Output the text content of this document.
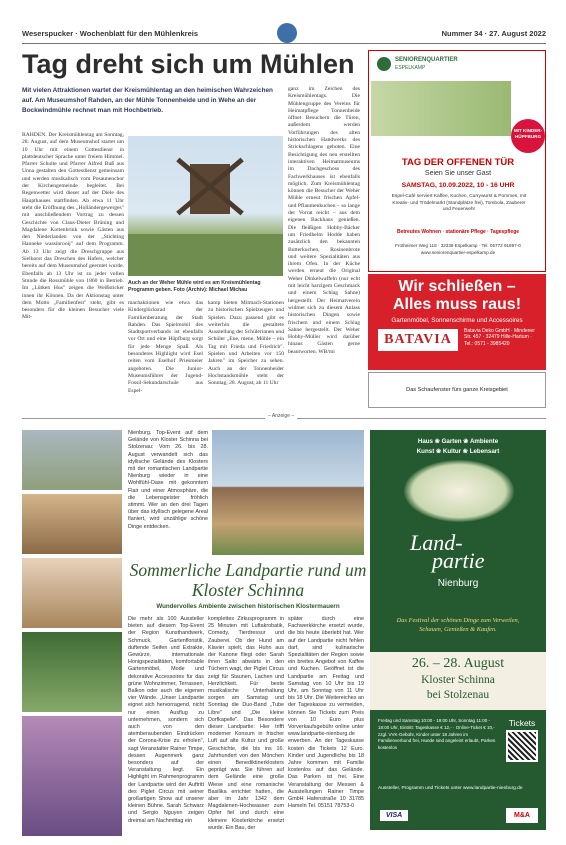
Weserspucker · Wochenblatt für den Mühlenkreis	Nummer 34 · 27. August 2022
Tag dreht sich um Mühlen
Mit vielen Attraktionen wartet der Kreismühlentag an den heimischen Wahrzeichen auf. Am Museumshof Rahden, an der Mühle Tonnenheide und in Wehe an der Bockwindmühle rechnet man mit Hochbetrieb.
RAHDEN. Der Kreismühlentag am Sonntag, 28. August, auf dem Museumshof startet um 10 Uhr mit einem Gottesdienst in plattdeutscher Sprache unter freiem Himmel. Pfarrer Schulte und Pfarrer Alfred Buß aus Unna gestalten den Gottesdienst gemeinsam und werden musikalisch vom Posaunenchor der Kirchengemeinde begleitet. Bei Regenwetter wird dieser auf der Diele des Haupthauses stattfinden. Ab etwa 11 Uhr steht die Eröffnung des „Holländergewerges" mit anschließendem Vortrag zu dessen Geschichte von Claus-Dieter Brüning und Magdalene Kottenbrink sowie Gästen aus den Niederlanden von der „Stichting Hanneke wassinrooij" auf dem Programm. Ab 13 Uhr zeigt die Dreschgruppe aus Sielhorst das Dreschen des Hafers, welcher bereits auf dem Museumshof geerntet wurde. Ebenfalls ab 13 Uhr ist zu jeder vollen Stunde die Rossmühle von 1860 in Betrieb. Im „Lütken Hus" zeigen die Weißsticker innen ihr Können. Da der Aktionstag unter dem Motto „Familienfest" steht, gibt es besonders für die kleinen Besucher viele Mit-
Auch an der Weher Mühle wird es am Kreismühlentag Programm geben. Foto (Archiv): Michael Michau
machaktionen wie etwa das Kinderglücksrad der Familienberatung der Stadt Rahden. Das Spielmobil des Stadtsportverbands ist ebenfalls vor Ort und eine Hüpfburg sorgt für jede Menge Spaß. Als besonderes Highlight wird Esel reiten vom Eselhof Priesmeier angeboten. Die Junior-Museumsführer der Jugend-Fossil-Sekundarschule aus Espel-
kamp bieten Mitmach-Stationen zu historischen Spielzeugen und Spielen. Dazu passend gibt es weiterhin die gestaltete Ausstellung der Schülerinnen und Schüler „Ene, mene, Mühle – ein Tag mit Frieda und Friedrich". Spielen und Arbeiten vor 150 Jahren" im Speicher zu sehen. Auch an der Tonnenheider Hochstandsmühle steht der Sonntag, 28. August, ab 11 Uhr
ganz im Zeichen des Kreismühlentags. Die Mühlengruppe des Vereins für Heimatpflege Tonnenheide öffnet Besuchern die Türen, außerdem werden Vorführungen des alten historischen Handwerks des Strickschlagens geboten. Eine Besichtigung des neu erstellten interaktiven Heimatmuseums im Dachgeschoss des Fachwerkhauses ist ebenfalls möglich. Zum Kreismühlentag können die Besucher der Weher Mühle erneut frischen Apfel- und Pflaumenkuchen – so lange der Vorrat reicht – aus dem eigenen Backhaus genießen. Die fleißigen Hobby-Bäcker um Friedhelm Hodde haben zusätzlich den bekannten Butterkuchen, Rosinenbrote und weitere Spezialitäten aus ihrem Ofen. In der Küche werden erneut die Original Weher Dinkelwaffeln (nur echt mit leicht harzigem Geschmack und einem Schlag Sahne) hergestellt. Der Heimatverein widmet sich zu diesem Anlass historischen Dingen sowie frischem und einem Schlag Sahne hergestellt. Der Weher Hobby-Müller wird darüber hinaus Gästen gerne beantworten. WB/mi
SENIORENQUARTIER
ESPELKAMP
MIT KINDER-HÜPFBURG
TAG DER OFFENEN TÜR
Seien Sie unser Gast
SAMSTAG, 10.09.2022, 10 - 16 UHR
Espel-Café serviert Kaffee, Kuchen, Currywurst & Pommes, mit Kreativ- und Trödelmarkt (Standplätze frei), Tombola, Zauberer und Feuerwehr
Betreutes Wohnen · stationäre Pflege · Tagespflege
Frotheimer Weg 118 · 32339 Espelkamp · Tel. 05772 91897-0 www.seniorenquartier-espelkamp.de
Wir schließen –
Alles muss raus!
Gartenmöbel, Sonnenschirme und Accessoires
BATAVIA
Batavia Deko GmbH · Mindener Str. 457 · 32479 Hille-Hartum · Tel.: 0571 - 3985420
Das Schaufenster fürs ganze Kreisgebiet
– Anzeige –
Nienburg. Top-Event auf dem Gelände von Kloster Schinna bei Stolzenau: Vom 26. bis 28. August verwandelt sich das idyllische Gelände des Klosters mit der romantischen Landpartie Nienburg wieder in eine Wohlfühl-Oase mit gekonntem Flair und einer Atmosphäre, die die Lebensgeister fröhlich stimmt. Wer an den drei Tagen über das idyllisch gelegene Areal flaniert, wird unzählige schöne Dinge entdecken.
Sommerliche Landpartie rund um Kloster Schinna
Wundervolles Ambiente zwischen historischen Klostermauern
Die mehr als 100 Aussteller bieten auf diesem Top-Event der Region Kunsthandwerk, Schmuck, Gartenfloristik, duftende Seifen und Extrakte, Gewürze, internationale Honigspezialitäten, komfortable Gartenmöbel, Mode und dekorative Accessoires für das grüne Wohnzimmer, Terrassen, Balkon oder auch die eigenen vier Wände. „Unser Landpartie eignet sich hervorragend, nicht nur einen Ausflug zu unternehmen, sondern sich auch von den atemberaubenden Eindrücken der Corona-Krise zu erholen", sagt Veranstalter Rainer Timpe, dessen Augenmerk ganz besonders auf der Veranstaltung liegt. Ein Highlight im Rahmenprogramm der Landpartie wird der Auftritt des Piglet Circus mit seiner großartigen Show auf unserer kleinen Bühne. Sarah Schwarz und Sergio Nguyen zeigen dreimal am Nachmittag ein
komplettes Zirkusprogramm in 25 Minuten mit Luftakrobatik, Comedy, Tierdressur und Zauberei. Ob der Hund am Klavier spielt, das Huhn aus der Kanone fliegt oder Sarah ihren Salto abwärts in den Tüchern wagt, der Piglet Circus zeigt für Staunen, Lachen und Herzlichkeit. Für beste musikalische Unterhaltung sorgen am Samstag und Sonntag die Duo-Band „Tube Libre" und „Die kleine Dorfkapelle". Das Besondere dieser Landpartie: Hier trifft moderner Konsum in frischer Luft auf alte Kultur und große Geschichte, die bis ins 16. Jahrhundert von den Mönchen einen Benediktinerklosters geprägt war. Sie führen auf dem Gelände eine große Wiese und eine romanische Basilika errichtet hatten, die aber im Jahr 1342 dem Magdalenen-Hochwasser zum Opfer fiel und durch eine kleinere Klosterkirche ersetzt wurde. Ein Bau, der
später durch eine Fachwerkkirche ersetzt wurde, die bis heute überlebt hat. Wer auf der Landpartie nicht fehlen darf, sind kulinarische Spezialitäten der Region sowie ein breites Angebot von Kaffee und Kuchen. Geöffnet ist die Landpartie am Freitag und Samstag von 10 Uhr bis 19 Uhr, am Sonntag von 11 Uhr bis 18 Uhr. Die Weitereiches an der Tageskasse zu vermeiden, können Sie Tickets zum Preis von 10 Euro plus Vorverkaufsgebühr online unter www.landpartie-nienburg.de erwerben. An der Tageskasse kosten die Tickets 12 Euro. Kinder und Jugendliche bis 18 Jahre kommen mit Familie kostenlos auf das Gelände. Das Parken ist frei. Eine Veranstaltung der Messen & Ausstellungen Rainer Timpe GmbH Hafenstraße 10 31785 Hameln Tel. 05151 78753-0
Haus ❀ Garten ❀ Ambiente
Kunst ❀ Kultur ❀ Lebensart
Land-
partie
Nienburg
Das Festival der schönen Dinge zum Verweilen, Schauen, Genießen & Kaufen.
26. – 28. August
Kloster Schinna
bei Stolzenau
Freitag und Samstag 10:00 - 19:00 Uhr, Sonntag 11:00 - 18:00 Uhr, Eintritt: Tageskasse € 12,- · Online-Ticket € 10,- zzgl. VVK-Gebühr, Kinder unter 18 Jahren im Familienverbund frei, Hunde sind angeleint erlaubt, Parken kostenlos
Tickets
Aussteller, Programm und Tickets unter www.landpartie-nienburg.de
VISA	M&A
